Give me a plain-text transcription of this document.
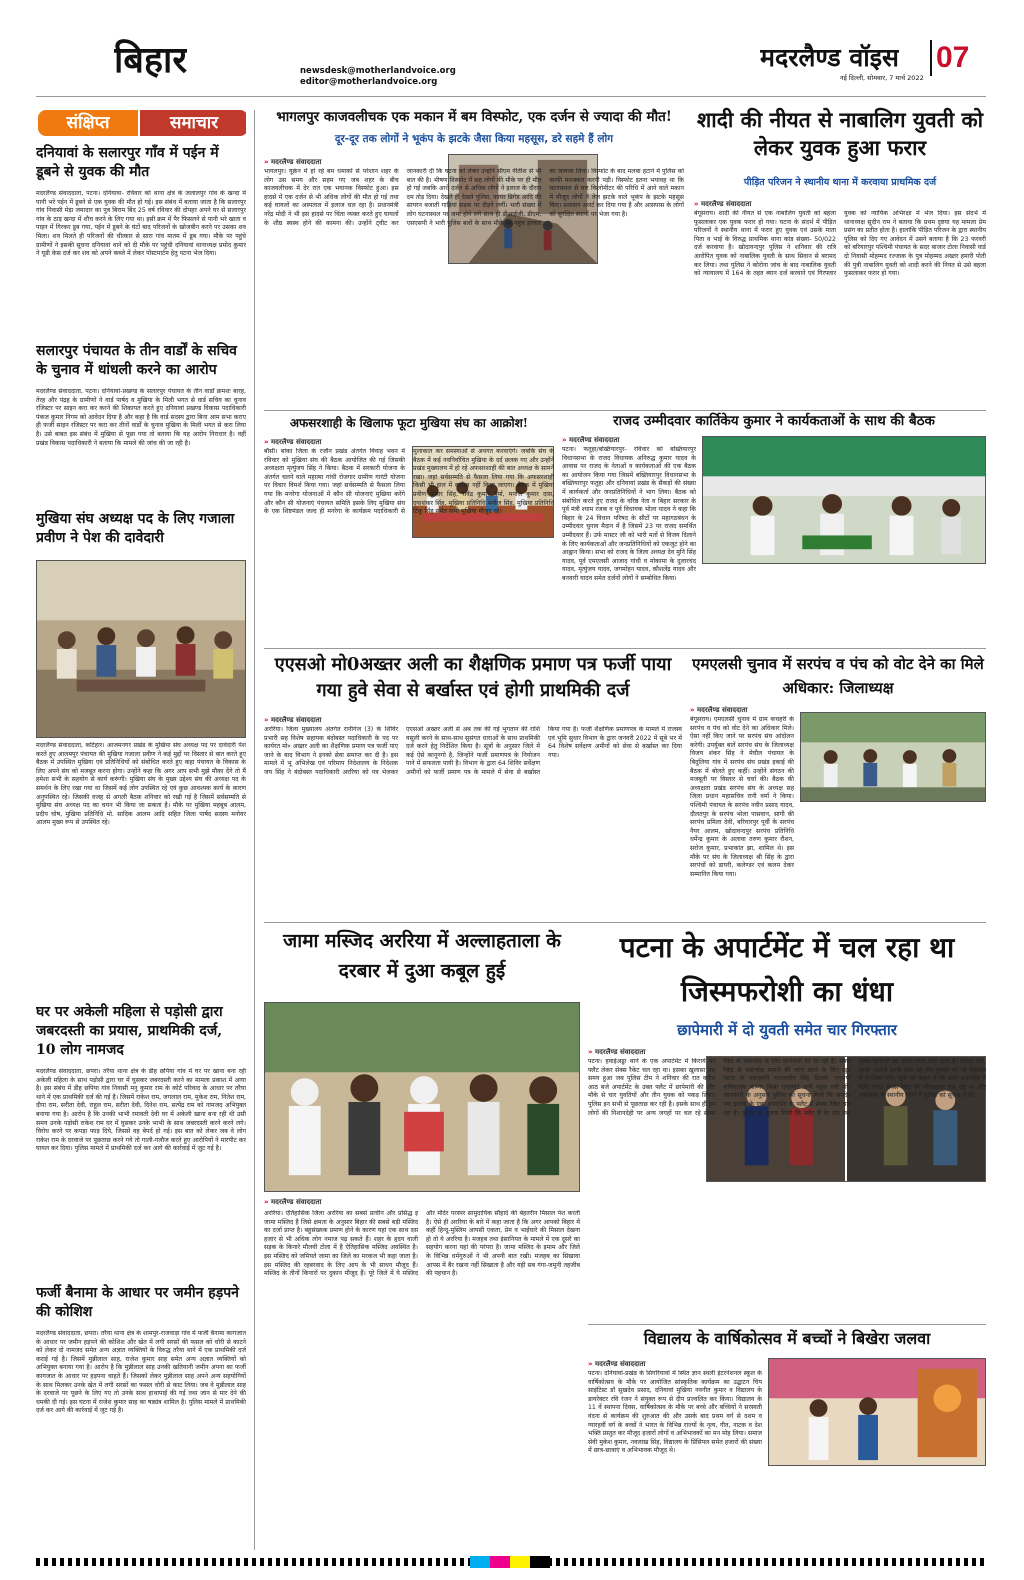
बिहार	newsdesk@motherlandvoice.org
editor@motherlandvoice.org
मदरलैण्ड वॉइस 07
नई दिल्ली, सोमवार, 7 मार्च 2022
संक्षिप्त	समाचार
दनियावां के सलारपुर गाँव में पईन में डूबने से युवक की मौत
मदरलैण्ड संवाददाता, पटना। दनियावा- रविवार को थाना क्षेत्र के जलालपुर गांव के खन्दा में पानी भरे पईन में डूबने से एक युवक की मौत हो गई। इस संबंध में बताया जाता है कि सलारपुर गांव निवासी मेड़ा जमादार का पुत्र बिराम बिंद 25 वर्ष रविवार की दोपहर अपने घर से सलारपुर गांव के ठाड़ खन्दा में शौच करने के लिए गया था। इसी क्रम में पैर फिसलने से पानी भरे खाता व पाइन में गिरकर डूब गया, पईन में डूबने के घंटों बाद परिजनों के खोजबीन करने पर उसका शव मिला। शव मिलते ही परिजनों की चीत्कार से सारा गांव मातम में डूब गया। मौके पर पहुंचे ग्रामीणों ने इसकी सूचना दनियावां थाने को दी मौके पर पहुंची दनियावां थानाध्यक्ष प्रमोद कुमार ने यूडी केस दर्ज कर शव को अपने कब्जे में लेकर पोस्टमार्टम हेतु पटना भेज दिया।
सलारपुर पंचायत के तीन वार्डों के सचिव के चुनाव में धांधली करने का आरोप
मदरलैण्ड संवाददाता, पटना। दनियावां-प्रखण्ड के सलारपुर पंचायत के तीन वार्डों क्रमशः बारह, तेरह और पंद्रह के ग्रामीणों ने वार्ड पार्षद व मुखिया के मिली भगत से वार्ड सचिव का चुनाव रजिस्टर पर साइन करा कर करने की शिकायत करते हुए दनियावां प्रखण्ड विकास पदाधिकारी पंकज कुमार निगम को आवेदन दिया है और कहा है कि वार्ड सदस्य द्वारा बिना आम सभा कराए ही फर्जी साइन रजिस्टर पर करा कर तीनों वार्डों के चुनाव मुखिया के मिली भगत से करा लिया है। उसे बाबत इस संबंध में मुखिया से पूछा गया तो बताया कि यह आरोप निराधार है। वहीं प्रखंड विकास पदाधिकारी ने बताया कि मामले की जांच की जा रही है।
मुखिया संघ अध्यक्ष पद के लिए गजाला प्रवीण ने पेश की दावेदारी
मदरलैण्ड संवाददाता, कटिहार। आजमनगर प्रखंड के मुखिया संघ अध्यक्ष पद पर दावेदारी पेश करते हुए आलमपुर पंचायत की मुखिया गजाला प्रवीण ने कई मुद्दों पर विस्तार से बात करते हुए बैठक में उपस्थित मुखिया एवं प्रतिनिधियों को संबोधित करते हुए कहा पंचायत के विकास के लिए अपने संघ को मजबूत करना होगा। उन्होंने कहा कि अगर आप सभी मुझे मौका देंगे तो मैं हमेशा सभी के सहयोग से कार्य करूंगी। मुखिया संघ के मुख्य उद्देश्य संघ की अध्यक्ष पद के समर्थन के लिए रखा गया था जिसमें कई लोग उपस्थित रहे एवं कुछ आवश्यक कार्य के कारण अनुपस्थित रहे। जिसकी वजह से अगली बैठक शनिवार को रखी गई है जिसमें सर्वसम्मति से मुखिया संघ अध्यक्ष पद का चयन भी किया जा सकता है। मौके पर मुखिया महबूब आलम, प्रदीप घोष, मुखिया प्रतिनिधि मो. सादिक आलम आदि सहित जिला पार्षद सदस्य मनोवर आलम मुख्य रूप से उपस्थित रहे।
घर पर अकेली महिला से पड़ोसी द्वारा जबरदस्ती का प्रयास, प्राथमिकी दर्ज, 10 लोग नामजद
मदरलैण्ड संवाददाता, छपरा। तरैया थाना क्षेत्र के डीह छपिया गांव में घर पर खाना बना रही अकेली महिला के साथ पड़ोसी द्वारा घर में घुसकर जबरदस्ती करने का मामला प्रकाश में आया है। इस संबंध में डीह छपिया गांव निवासी मनु कुमार राम के कोर्ट परिवाद के आधार पर तरैया थाने में एक प्राथमिकी दर्ज की गई है। जिसमें राकेश राम, जगलाल राम, मुकेश राम, नितेश राम, दीपा राम, सरीता देवी, राहुल राम, सरीता देवी, दिनेश राम, सत्येंद्र राम को नामजद अभियुक्त बनाया गया है। आरोप है कि उनकी भाभी रमावती देवी घर में अकेली खाना बना रही थी उसी समय उनके पड़ोसी राकेश राम घर में घुसकर उनके भाभी के साथ जबरदस्ती करने करने लगे। विरोध करने पर कपड़ा फाड़ दिये, जिससे वह बेपर्द हो गई। इस बात को लेकर जब वे लोग राकेश राम के दरवाजे पर पूछताछ करने गये तो गाली-गलौज करते हुए आरोपियों ने मारपीट कर घायल कर दिया। पुलिस मामले में प्राथमिकी दर्ज कर आगे की कार्रवाई में जुट गई है।
फर्जी बैनामा के आधार पर जमीन हड़पने की कोशिश
मदरलैण्ड संवाददाता, छपरा। तरैया थाना क्षेत्र के शामपुर-राजवाड़ा गांव में फर्जी बैनामा कागजात के आधार पर जमीन हड़पने की कोशिश और खेत में लगी सरसों की फसल को चोरी से काटने को लेकर दो नामजद समेत अन्य अज्ञात व्यक्तियों के विरुद्ध तरैया थाने में एक प्राथमिकी दर्ज कराई गई है। जिसमें मुन्नीलाल साह, राजेश कुमार साह समेत अन्य अज्ञात व्यक्तियों को अभियुक्त बनाया गया है। आरोप है कि मुन्नीलाल साह उनकी खतियानी जमीन अपना का फर्जी कागजात के आधार पर हड़पना चाहते हैं। जिसको लेकर मुन्नीलाल साह अपने अन्य सहयोगियों के साथ मिलकर उनके खेत में लगी सरसों का फसल चोरी से काट लिया। जब वे मुन्नीलाल साह के दरवाजे पर पूछने के लिए गए तो उनके साथ हाथापाई की गई तथा जान से मार देने की धमकी दी गई। इस घटना में राजेश कुमार साह का षड्यंत्र शामिल है। पुलिस मामले में प्राथमिकी दर्ज कर आगे की कार्रवाई में जुट गई है।
भागलपुर काजवलीचक एक मकान में बम विस्फोट, एक दर्जन से ज्यादा की मौत!
दूर-दूर तक लोगों ने भूकंप के झटके जैसा किया महसूस, डरे सहमे हैं लोग
» मदरलैण्ड संवाददाता
भागलपुर। यूक्रेन में हो रहे बम धमाकों से परेशान शहर के लोग उस समय और सहम गए जब शहर के बीच काजवलीचक में देर रात एक भयानक विस्फोट हुआ। इस हादसे में एक दर्जन से भी अधिक लोगों की मौत हो गई तथा कई घायलों का अस्पताल में इलाज चल रहा है। प्रधानमंत्री नरेंद्र मोदी ने भी इस हादसे पर चिंता व्यक्त करते हुए घायलों के शीघ्र स्वस्थ होने की कामना की। उन्होंने ट्वीट कर जानकारी दी कि घटना को लेकर उन्होंने सीएम नीतीश से भी बात की है। भीषण विस्फोट में छह लोगों की मौके पर ही मौत हो गई जबकि आधे दर्जन से अधिक लोगों ने इलाज के दौरान दम तोड़ दिया। देखते ही देखते पुलिस, फायर ब्रिगेड आदि की सायरन बजाती गाड़ियां सड़क पर दौड़ने लगीं। भारी संख्या में लोग घटनास्थल पर जमा होने लगे साथ ही डीआईजी, डीएम, एसएसपी ने भारी पुलिस बलों के साथ मौके पर पहुंच हालात का जायजा लिया। विस्फोट के बाद मलबा हटाने में पुलिस को काफी मशक्कत करनी पड़ी। विस्फोट इतना भयावह था कि घटनास्थल से चार किलोमीटर की परिधि में आने वाले मकान में मौजूद लोगों ने तेज झटके वाले भूकंप के झटके महसूस किए। प्रशासन अलर्ट कर दिया गया है और आसपास के लोगों को सुरक्षित स्थानों पर भेजा गया है।
शादी की नीयत से नाबालिग युवती को लेकर युवक हुआ फरार
पीड़ित परिजन ने स्थानीय थाना में करवाया प्राथमिक दर्ज
» मदरलैण्ड संवाददाता
बेगूसराय। शादी की नीयत से एक नाबालिग युवती को बहला फुसलाकर एक युवक फरार हो गया। घटना के संदर्भ में पीड़ित परिजनों ने स्थानीय थाना में फरार हुए युवक एवं उसके माता पिता व भाई के विरुद्ध प्राथमिक थाना कांड संख्या- 50/022 दर्ज करवाया है। खोदावन्दपुर पुलिस ने शनिवार की रात्रि आरोपित युवक को नाबालिक युवती के साथ सिवान से बरामद कर लिया। तथा पुलिस ने कोरोना जांच के बाद नाबालिक युवती को न्यायालय में 164 के तहत ब्यान दर्ज करवाने एवं गिरफ्तार युवक को न्यायिक अभिरक्षा में भेज दिया। इस संदर्भ में थानाध्यक्ष सुदीन राम ने बताया कि प्रथम दृष्टया यह मामला प्रेम प्रसंग का प्रतीत होता है। हालांकि पीड़ित परिजन के द्वारा स्थानीय पुलिस को दिए गए आवेदन में उसने बताया है कि 23 फरवरी को बरियारपुर पश्चिमी पंचायत के सदर बाजार टोला निवासी वार्ड दो निवासी मोहम्मद रज्जाक के पुत्र मोहम्मद अख्तर हमारी पोती की पुत्री नाबालिग युवती को शादी करने की नियत से उसे बहला फुसलाकर फरार हो गया।
अफसरशाही के खिलाफ फूटा मुखिया संघ का आक्रोश!
» मदरलैण्ड संवाददाता
बौंसी। बांका जिला के रजौन प्रखंड अंतर्गत विवाह भवन में रविवार को मुखिया संघ की बैठक आयोजित की गई जिसकी अध्यक्षता मृत्युंजय सिंह ने किया। बैठक में सरकारी योजना के अंतर्गत चलने वाले महात्मा गांधी रोजगार ग्रामीण गारंटी योजना पर विचार विमर्श किया गया। जहां सर्वसम्मति से फैसला लिया गया कि मनरेगा योजनाओं में कौन सी योजनाएं मुखिया करेंगे और कौन सी योजनाएं पंचायत समिति इसके लिए मुखिया संघ के एक शिष्टमंडल जल्द ही मनरेगा के कार्यक्रम पदाधिकारी से मुलाकात कर समस्याओं से अवगत करवाएंगे। जबकि संघ के बैठक में कई नवनिर्वाचित मुखिया के दर्द छलक गए और उन्होंने प्रखंड मुख्यालय में हो रहे अफसरशाही की बात अध्यक्ष के सामने रखा। जहां सर्वसम्मति से फैसला लिया गया कि अफसरशाही किसी भी हाल में बर्दाश्त नहीं किया जाएगा। बैठक में मुखिया प्रवीण कुमार सिंह, रविंद्र कुमार वर्मा, मनोज कुमार दास, दयाशंकर सिंह, मुखिया प्रतिनिधि मनोज सिंह, मुखिया प्रतिनिधि टिंकू सिंह समेत सभी मुखिया मौजूद रहे।
राजद उम्मीदवार कार्तिकेय कुमार ने कार्यकताओं के साथ की बैठक
» मदरलैण्ड संवाददाता
पटना। फतुहा/बख्तियारपुर- रविवार को बख्तियारपुर विधानसभा के राजद विधायक अनिरुद्ध कुमार यादव के आवास पर राजद के नेताओं व कार्यकताओं की एक बैठक का आयोजन किया गया जिसमें बख्तियारपुर विधानसभा के बख्तियारपुर फतुहा और दनियावां प्रखंड के सैकड़ों की संख्या में कार्यकर्ता और जनप्रतिनिधियों ने भाग लिया। बैठक को संबोधित करते हुए राजद के वरिष्ठ नेता व बिहार सरकार के पूर्व मंत्री श्याम रजक व पूर्व विधायक भोला यादव ने कहा कि बिहार के 24 विधान परिषद के सीटों पर महागठबंधन के उम्मीदवार चुनाव मैदान में है जिसमें 23 पर राजद समर्थित उम्मीदवार हैं। उर्फ मास्टर जी को भारी मतों से विजय दिलाने के लिए कार्यकताओं और जनप्रतिनिधियों को एकजुट होने का आह्वान किया। सभा को राजद के जिला अध्यक्ष देव मुनि सिंह यादव, पूर्व एमएलसी आजाद गांधी व मोकामा के दुलारचंद यादव, मृत्युंजय यादव, जगमोहन यादव, कौशलेंद्र यादव और बनवारी यादव समेत दर्जनों लोगों ने सम्बोधित किया।
एएसओ मो0अख्तर अली का शैक्षणिक प्रमाण पत्र फर्जी पाया गया हुवे सेवा से बर्खास्त एवं होगी प्राथमिकी दर्ज
» मदरलैण्ड संवाददाता
अररिया। जिला मुख्यालय अंतर्गत रानीगंज (3) के शिविर प्रभारी सह विशेष सहायक बंदोबस्त पदाधिकारी के पद पर कार्यरत मो० अख्तर अली का शैक्षणिक प्रमाण पत्र फर्जी पाए जाने के बाद विभाग ने इनको सेवा समाप्त कर दी है। इस मामले में भू अभिलेख एवं परिमाप निदेशालय के निदेशक जय सिंह ने बंदोबस्त पदाधिकारी अररिया को पत्र भेजकर एएसओ अख्तर अली से अब तक की गई भुगतान की राशि वसूली करने के साथ-साथ सुसंगत धाराओं के साथ प्राथमिकी दर्ज करने हेतु निर्देशित किया है। सूत्रों के अनुसार जिले में कई ऐसे कानूनगो है, जिन्होंने फर्जी प्रमाणपत्र के नियोजन पाने में सफलता पायी है। विभाग के द्वारा 64 शिविर सर्वेक्षण अमीनों को फर्जी प्रमाण पत्र के मामले में सेवा से बर्खास्त किया गया है। फर्जी शैक्षणिक प्रमाणपत्र के मामले में राजस्व एवं भूमि सुधार विभाग के द्वारा जनवरी 2022 में सूबे भर में 64 विशेष सर्वेक्षण अमीनों को सेवा से बर्खास्त कर दिया गया।
एमएलसी चुनाव में सरपंच व पंच को वोट देने का मिले अधिकार: जिलाध्यक्ष
» मदरलैण्ड संवाददाता
बेगूसराय। एमएलसी चुनाव में ग्राम कचहरी के सरपंच व पंच को वोट देने का अधिकार मिले। ऐसा नहीं किए जाने पर सरपंच संघ आंदोलन करेगी। उपर्युक्त बातें सरपंच संघ के जिलाध्यक्ष विजय शंकर सिंह ने मेघौल पंचायत के बिदुलिया गांव में सरपंच संघ प्रखंड इकाई की बैठक में बोलते हुए कहीं। उन्होंने संगठन की मजबूती पर विस्तार से चर्चा की। बैठक की अध्यक्षता प्रखंड सरपंच संघ के अध्यक्ष सह जिला प्रधान महासचिव रानी वर्मा ने किया। पश्चिमी पंचायत के सरपंच नवीन प्रसाद यादव, दौलतपुर के सरपंच भोला पासवान, सागी की सरपंच प्रमिला देवी, बरियारपुर पूर्वी के सरपंच नैयर आलम, खोदावन्दपुर सरपंच प्रतिनिधि धर्मेन्द्र कुमार के अलावा तरुण कुमार रौशन, सरोज कुमार, प्रभाकांत झा, शामिल थे। इस मौके पर संघ के जिलाध्यक्ष श्री सिंह के द्वारा सरपंचों को डायरी, कलेण्डर एवं कलम देकर सम्मानित किया गया।
जामा मस्जिद अररिया में अल्लाहताला के दरबार में दुआ कबूल हुई
» मदरलैण्ड संवाददाता
अररिया। ऐतिहासिक जिला अररिया का सबसे प्राचीन और प्रसिद्ध इ जामा मस्जिद है जिसे क्षमता के अनुसार बिहार की सबसे बड़ी मस्जिद का दर्जा प्राप्त है। बहुसंख्यक प्रमाण होने के कारण यहां एक साथ दस हजार से भी अधिक लोग नमाज पढ़ सकते हैं। शहर के हृदय वाली सड़क के किनारे मौलवी टोला में है ऐतिहासिक मस्जिद अवस्थित है। इस मस्जिद को जमियते जामा का जिले का मरकज भी कहा जाता है। इस मस्जिद की रहबरवाद के लिए आप के भी साधन मौजूद हैं। मस्जिद के तीनों किनारों पर दुकान मौजूद हैं। पूरे जिले में ये मस्जिद और मंदिर परस्पर सामुदायिक सौहार्द की बेहतरीन मिसाल पेश करती है। ऐसे ही अररिया के बारे में कहा जाता है कि अगर आपको बिहार में कहीं हिन्दू-मुस्लिम आपसी एकता, प्रेम व भाईचारे की मिसाल देखना हो तो ये अररिया है। मजहब तथा इंसानियत के मामले में एक दूसरे का सहयोग करना यहां की परंपरा है। जामा मस्जिद के इमाम और जिले के विभिन्न धर्मगुरुओं ने भी अपनी बात रखी। मजहब का सिखावा आपस में बैर रखना नहीं सिखाता है और यही सब गंगा-जमुनी तहजीब की पहचान है।
पटना के अपार्टमेंट में चल रहा था जिस्मफरोशी का धंधा
छापेमारी में दो युवती समेत चार गिरफ्तार
» मदरलैण्ड संवाददाता
पटना। हवाईअड्डा थाने के एक अपार्टमेंट में किराये का फ्लैट लेकर सेक्स रैकेट चल रहा था। इसका खुलासा उस समय हुआ जब पुलिस टीम ने शनिवार की रात करीब आठ बजे अपार्टमेंट के उक्त फ्लैट में छापेमारी की और मौके से चार युवतियों और तीन युवक को पकड़ लिया। पुलिस इन सभी से पूछताछ कर रही है। इसके साथ ही इन लोगों की निशानदेही पर अन्य जगहों पर चल रहे सेक्स रैकेट के भंडाफोड़ के लिए छापेमारी की जा रही है। सेक्स रैकेट के भंडाफोड़ मामले की जांच करने के लिए खुद पटना के एसएसपी मानवजीत सिंह ढिल्लो, एएसपी सचिवालय काम्या मिश्रा एयरपोर्ट थाने पहुंच गयी थीं। जानकारी के अनुसार पुलिस को सूचना मिली कि जगदेव पथ इलाके के एक अपार्टमेंट के फ्लैट में सेक्स रैकेट चल रहा है। पुलिस के सूचना मिली कि फ्लैट में देर रात तक युवक-युवतियों का आना-जाना लगा रहता है। पकड़ा गया, इसके अलावे उनके साथ रहे तीन युवकों को भी हिरासत में ले लिया गया। सूत्रों का कहना है कि उक्त अपार्टमेंट में फ्लैट लेकर सेक्स रैकेट को गोरखधंधा चल रहा था और आसपास के स्थानीय लोगों ने पुलिस को सूचना दे दी।
विद्यालय के वार्षिकोत्सव में बच्चों ने बिखेरा जलवा
» मदरलैण्ड संवाददाता
पटना। दनियावां-प्रखंड के सिगरियावां में स्थित ज्ञान स्थली इंटरनेशनल स्कूल के वार्षिकोत्सव के मौके पर आयोजित सांस्कृतिक कार्यक्रम का उद्घाटन चिप साइंटिस्ट डॉ सुखदेव प्रसाद, दनियावां मुखिया नवनीत कुमार व विद्यालय के डायरेक्टर रवि रंजन ने संयुक्त रूप से दीप प्रज्वलित कर किया। विद्यालय के 11 वें स्थापना दिवस, वार्षिकोत्सव के मौके पर बच्चे और बच्चियों ने सरस्वती वंदना से कार्यक्रम की शुरुआत की और उसके बाद प्रथम वर्ग से दशम व ग्यारहवीं वर्ग के बच्चों ने भारत के विभिन्न राज्यों के नृत्य, गीत, नाटक व देश भक्ति प्रस्तुत कर मौजूद हजारों लोगों व अभिभावकों का मन मोह लिया। समाज सेवी मुकेश कुमार, नवलाख सिंह, विद्यालय के प्रिंसिपल समेत हजारों की संख्या में छात्र-छात्राएं व अभिभावक मौजूद थे।
